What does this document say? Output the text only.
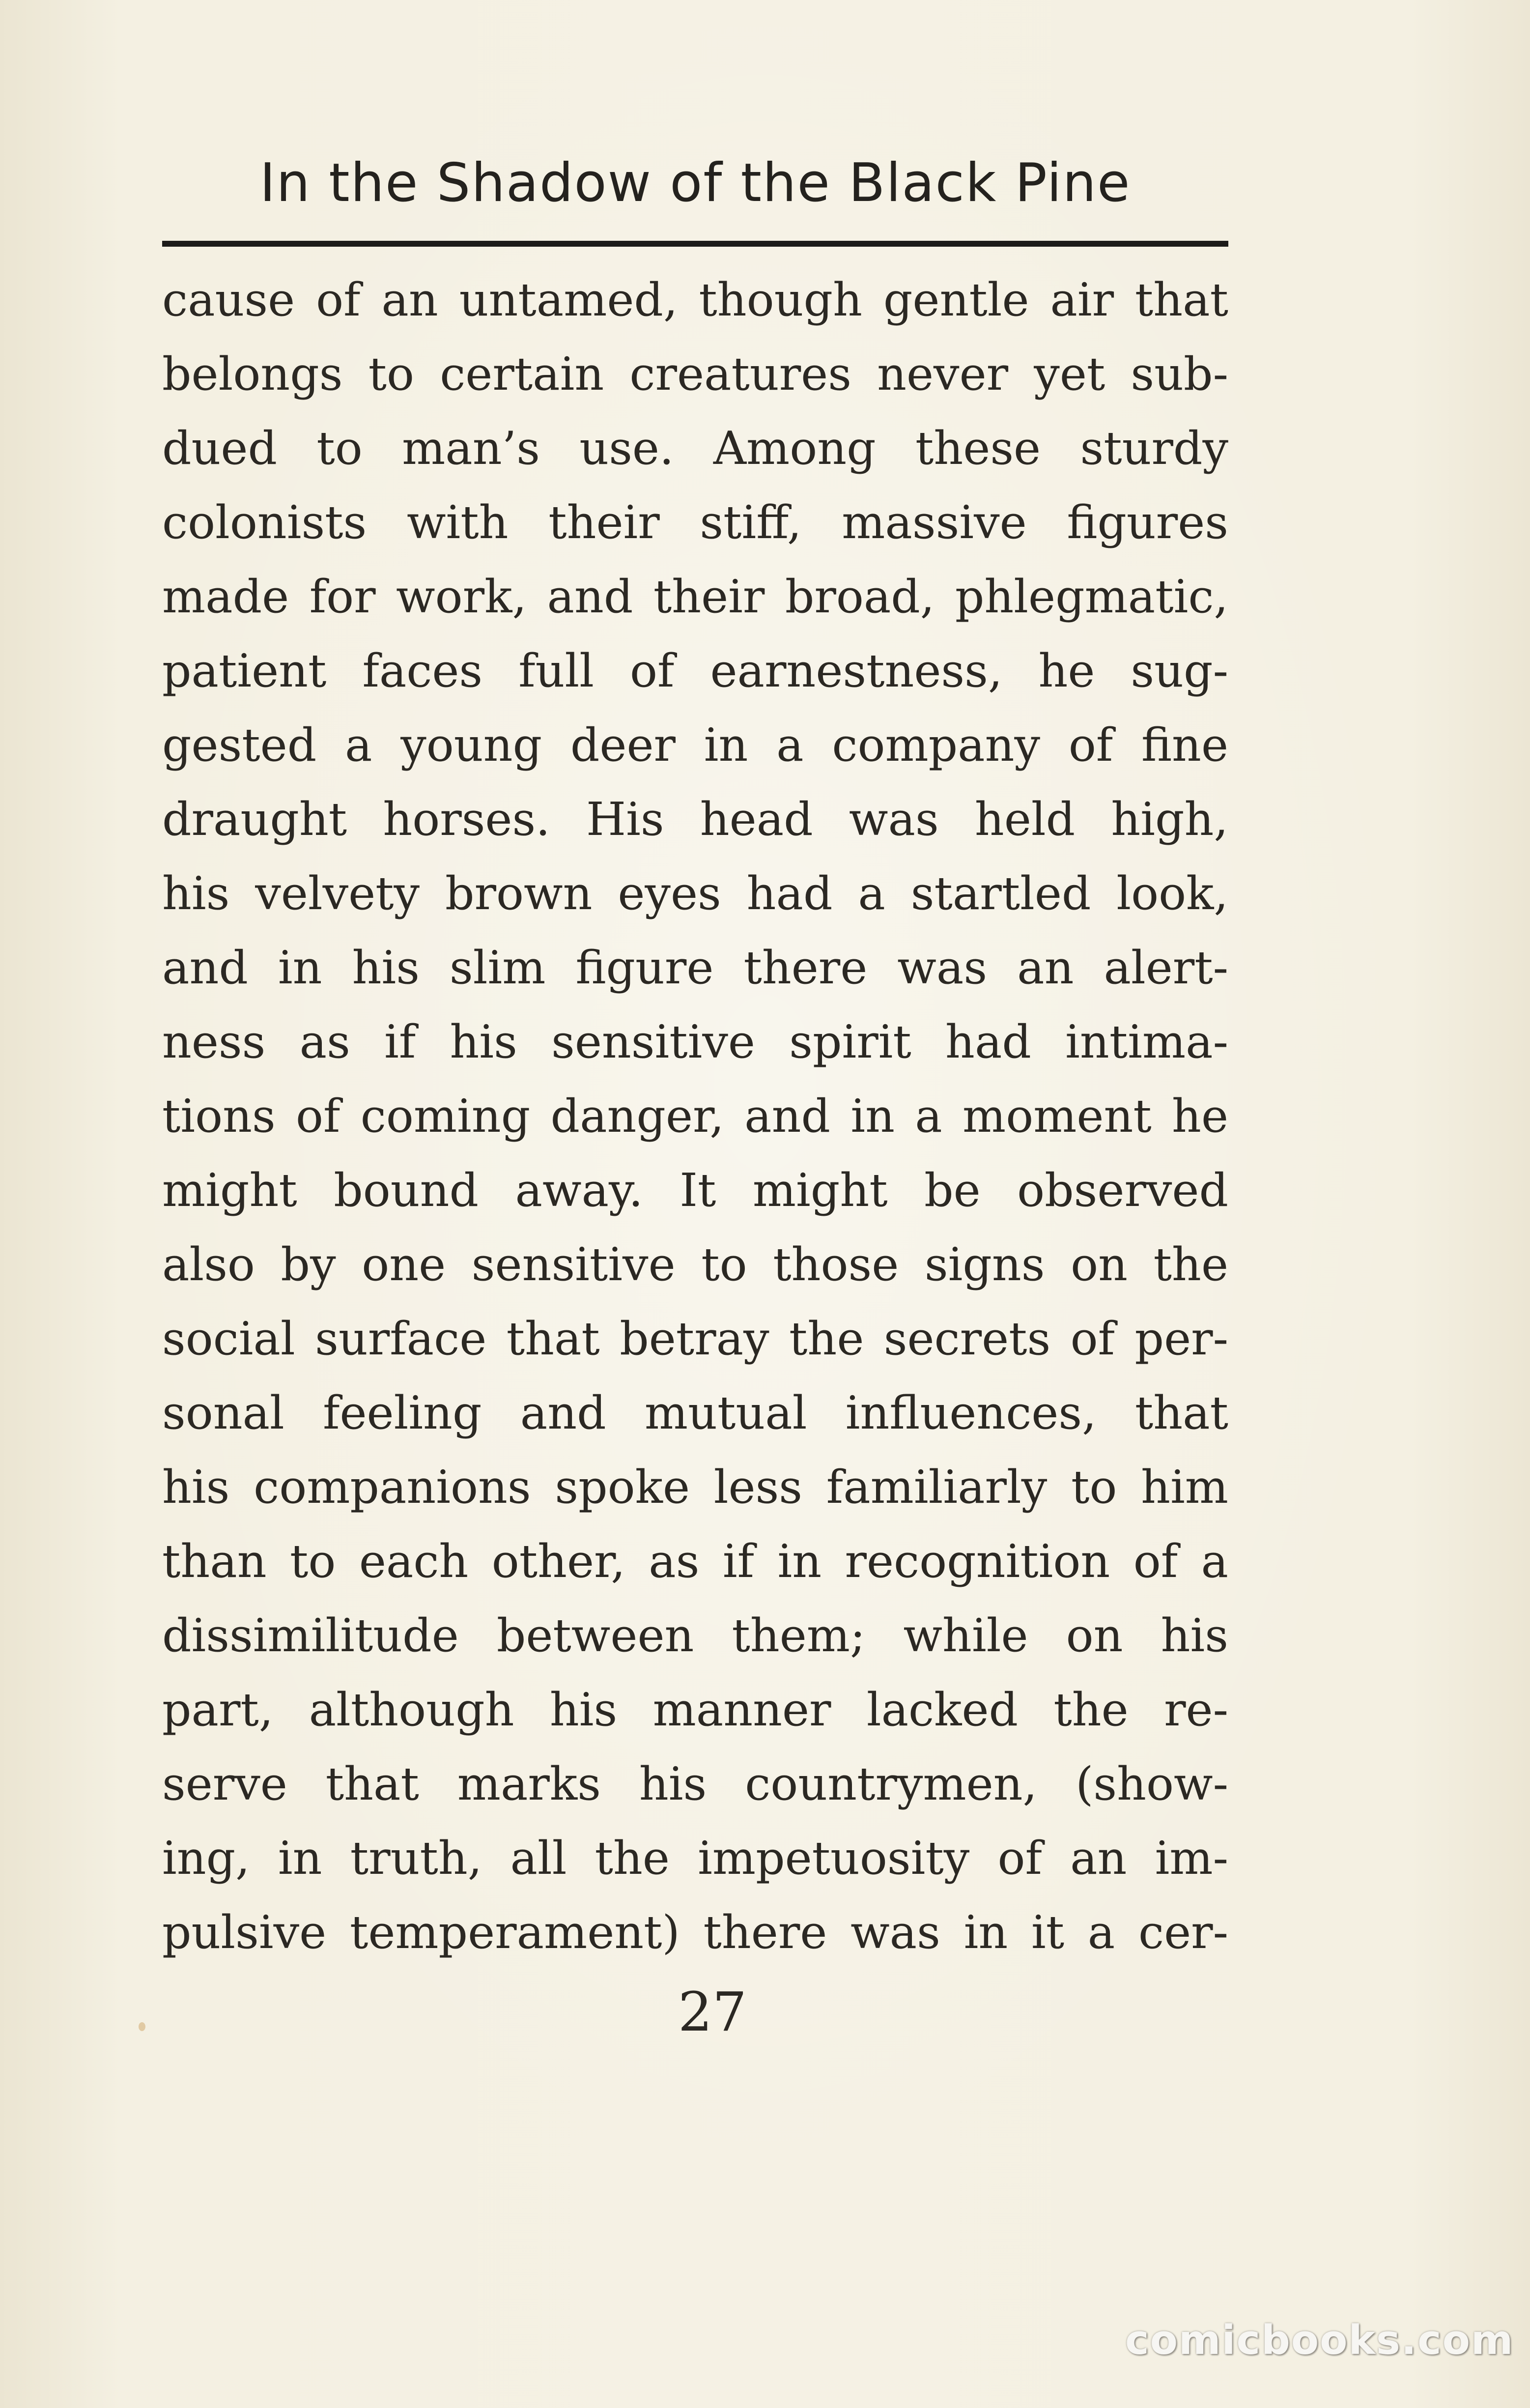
In the Shadow of the Black Pine
cause of an untamed, though gentle air that
belongs to certain creatures never yet sub-
dued to man’s use. Among these sturdy
colonists with their stiff, massive figures
made for work, and their broad, phlegmatic,
patient faces full of earnestness, he sug-
gested a young deer in a company of fine
draught horses. His head was held high,
his velvety brown eyes had a startled look,
and in his slim figure there was an alert-
ness as if his sensitive spirit had intima-
tions of coming danger, and in a moment he
might bound away. It might be observed
also by one sensitive to those signs on the
social surface that betray the secrets of per-
sonal feeling and mutual influences, that
his companions spoke less familiarly to him
than to each other, as if in recognition of a
dissimilitude between them; while on his
part, although his manner lacked the re-
serve that marks his countrymen, (show-
ing, in truth, all the impetuosity of an im-
pulsive temperament) there was in it a cer-
27
comicbooks.com
